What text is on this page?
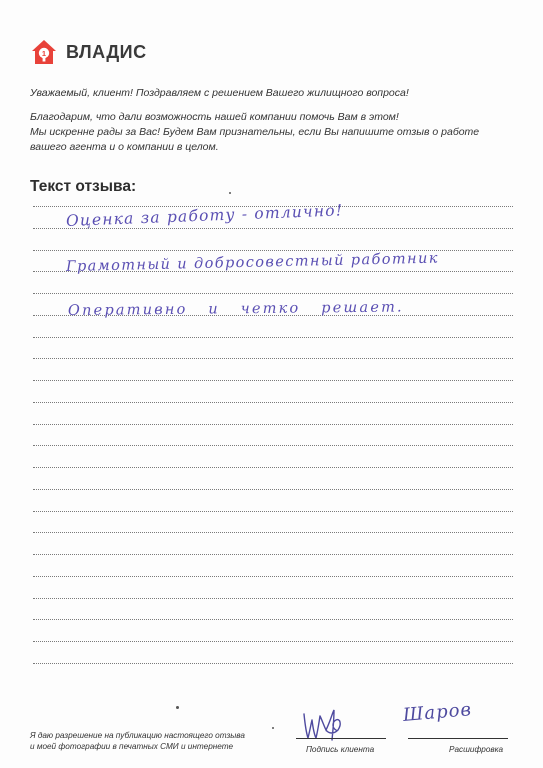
1 ВЛАДИС

Уважаемый, клиент! Поздравляем с решением Вашего жилищного вопроса!

Благодарим, что дали возможность нашей компании помочь Вам в этом!

Мы искренне рады за Вас! Будем Вам признательны, если Вы напишите отзыв о работе

вашего агента и о компании в целом.

Текст отзыва:
Оценка за работу - отлично!
Грамотный и добросовестный работник
Оперативно и четко решает.

Я даю разрешение на публикацию настоящего отзыва

и моей фотографии в печатных СМИ и интернете

Шаров
Подпись клиента	Расшифровка
